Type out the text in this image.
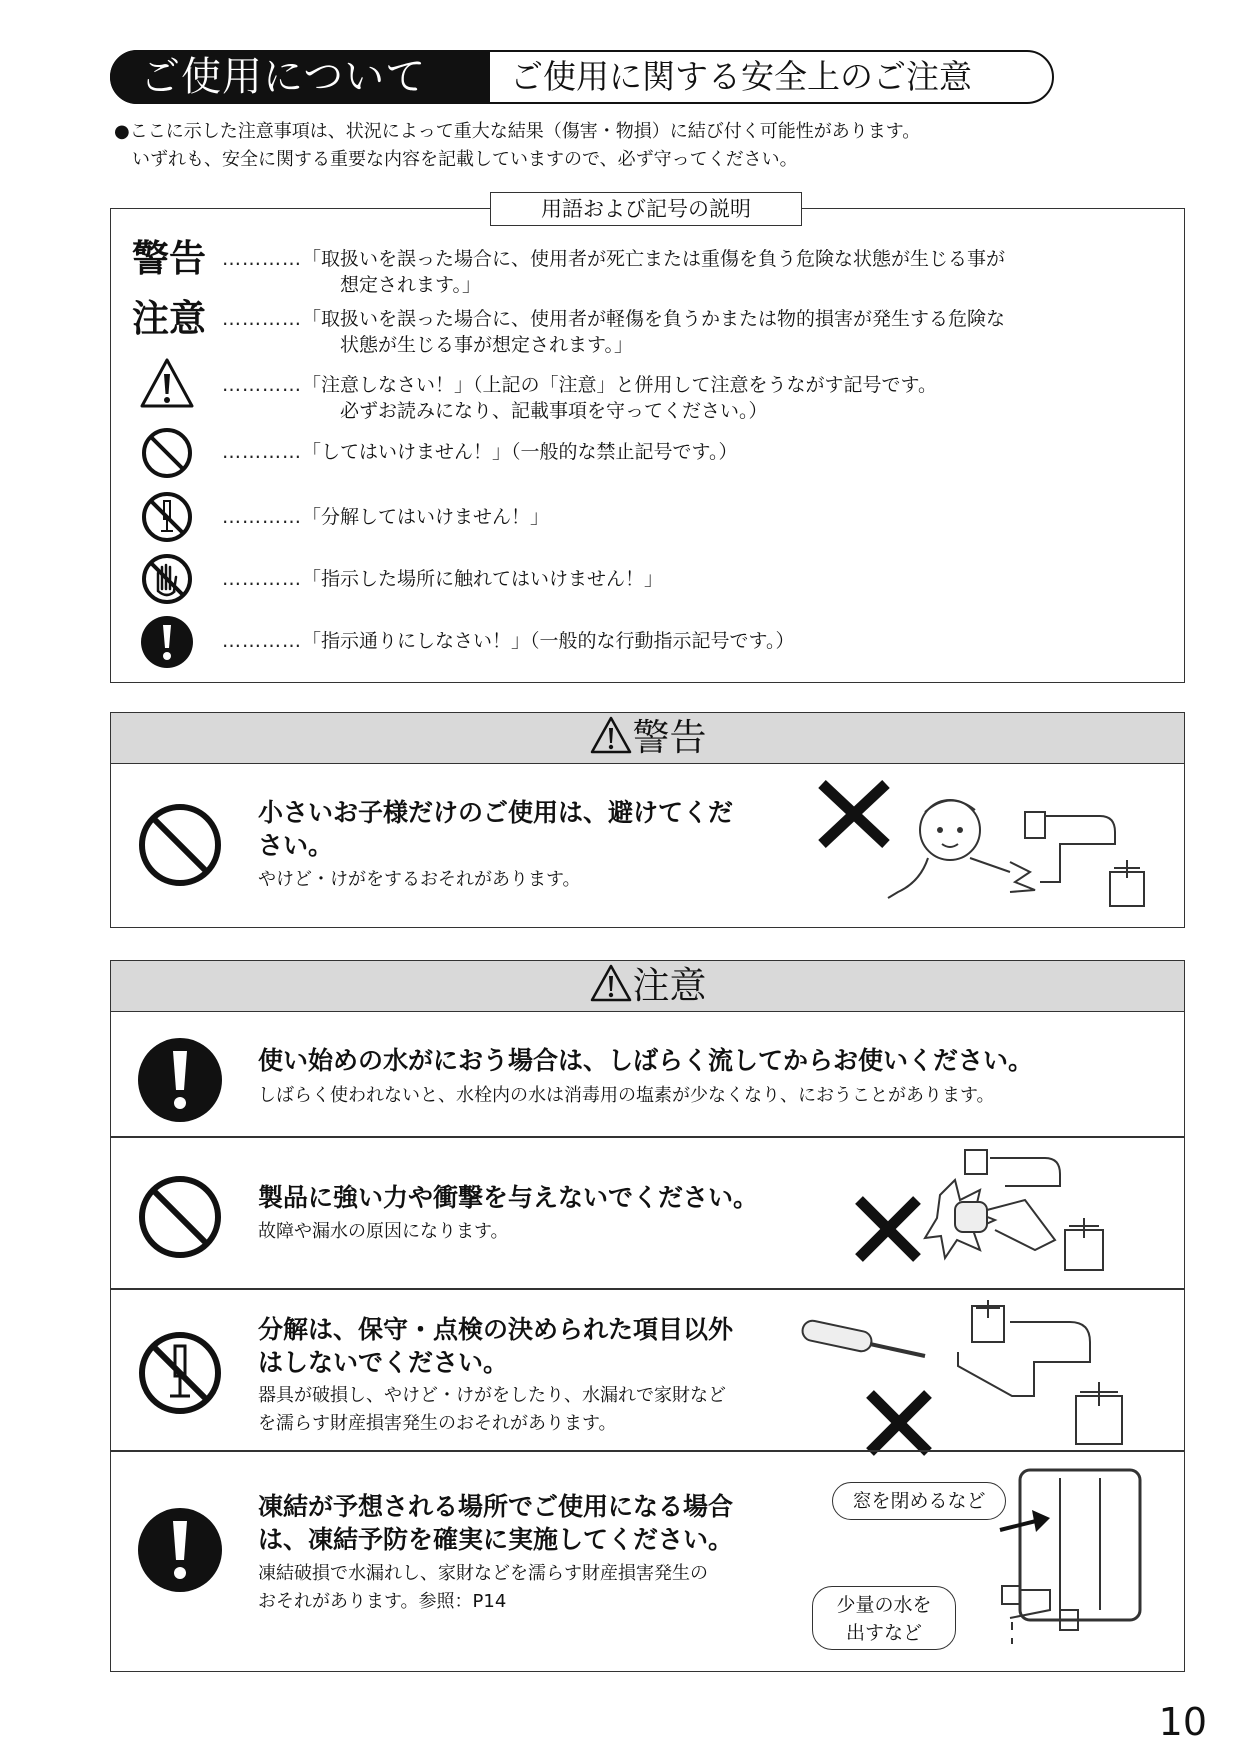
ご使用について	ご使用に関する安全上のご注意
●ここに示した注意事項は、状況によって重大な結果（傷害・物損）に結び付く可能性があります。
いずれも、安全に関する重要な内容を記載していますので、必ず守ってください。
用語および記号の説明
警告 …………「取扱いを誤った場合に、使用者が死亡または重傷を負う危険な状態が生じる事が
想定されます。」
注意 …………「取扱いを誤った場合に、使用者が軽傷を負うかまたは物的損害が発生する危険な
状態が生じる事が想定されます。」
…………「注意しなさい！」（上記の「注意」と併用して注意をうながす記号です。
必ずお読みになり、記載事項を守ってください。）
…………「してはいけません！」（一般的な禁止記号です。）
…………「分解してはいけません！」
…………「指示した場所に触れてはいけません！」
…………「指示通りにしなさい！」（一般的な行動指示記号です。）
警告
小さいお子様だけのご使用は、避けてくだ
さい。
やけど・けがをするおそれがあります。
注意
使い始めの水がにおう場合は、しばらく流してからお使いください。
しばらく使われないと、水栓内の水は消毒用の塩素が少なくなり、におうことがあります。
製品に強い力や衝撃を与えないでください。
故障や漏水の原因になります。
分解は、保守・点検の決められた項目以外
はしないでください。
器具が破損し、やけど・けがをしたり、水漏れで家財など
を濡らす財産損害発生のおそれがあります。
凍結が予想される場所でご使用になる場合
は、凍結予防を確実に実施してください。
凍結破損で水漏れし、家財などを濡らす財産損害発生の
おそれがあります。参照：P14
窓を閉めるなど
少量の水を
出すなど
10
